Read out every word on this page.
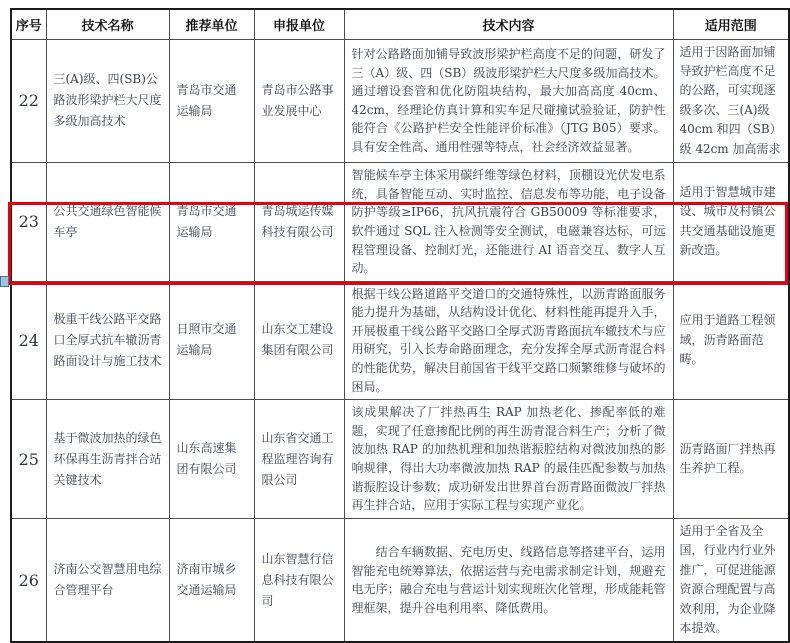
序号	技术名称	推荐单位	申报单位	技术内容	适用范围
22	三(A)级、四(SB)公路波形梁护栏大尺度多级加高技术	青岛市交通运输局	青岛市公路事业发展中心	针对公路路面加铺导致波形梁护栏高度不足的问题，研发了三（A）级、四（SB）级波形梁护栏大尺度多级加高技术。通过增设套管和优化防阻块结构，最大加高高度 40cm、42cm，经理论仿真计算和实车足尺碰撞试验验证，防护性能符合《公路护栏安全性能评价标准》（JTG B05）要求。具有安全性高、通用性强等特点，社会经济效益显著。	适用于因路面加铺导致护栏高度不足的公路，可实现逐级多次、三(A)级 40cm 和四（SB）级 42cm 加高需求
23	公共交通绿色智能候车亭	青岛市交通运输局	青岛城运传媒科技有限公司	智能候车亭主体采用碳纤维等绿色材料，顶棚设光伏发电系统，具备智能互动、实时监控、信息发布等功能，电子设备防护等级≥IP66，抗风抗震符合 GB50009 等标准要求，软件通过 SQL 注入检测等安全测试，电磁兼容达标，可远程管理设备、控制灯光，还能进行 AI 语音交互、数字人互动。	适用于智慧城市建设、城市及村镇公共交通基础设施更新改造。
24	极重干线公路平交路口全厚式抗车辙沥青路面设计与施工技术	日照市交通运输局	山东交工建设集团有限公司	根据干线公路道路平交道口的交通特殊性，以沥青路面服务能力提升为基础，从结构设计优化、材料性能再提升入手，开展极重干线公路平交路口全厚式沥青路面抗车辙技术与应用研究，引入长寿命路面理念，充分发挥全厚式沥青混合料的性能优势，解决目前国省干线平交路口频繁维修与破坏的困局。	应用于道路工程领域，沥青路面范畴。
25	基于微波加热的绿色环保再生沥青拌合站关键技术	山东高速集团有限公司	山东省交通工程监理咨询有限公司	该成果解决了厂拌热再生 RAP 加热老化、掺配率低的难题，实现了任意掺配比例的再生沥青混合料生产；分析了微波加热 RAP 的加热机理和加热谐振腔结构对微波加热的影响规律，得出大功率微波加热 RAP 的最佳匹配参数与加热谐振腔设计参数；成功研发出世界首台沥青路面微波厂拌热再生拌合站，应用于实际工程与实现产业化。	沥青路面厂拌热再生养护工程。
26	济南公交智慧用电综合管理平台	济南市城乡交通运输局	山东智慧行信息科技有限公司	　　结合车辆数据、充电历史、线路信息等搭建平台，运用智能充电统筹算法，依据运营与充电需求制定计划，规避充电无序；融合充电与营运计划实现班次化管理，形成能耗管理框架，提升谷电利用率、降低费用。	适用于全省及全国，行业内行业外推广，可促进能源资源合理配置与高效利用，为企业降本提效。
